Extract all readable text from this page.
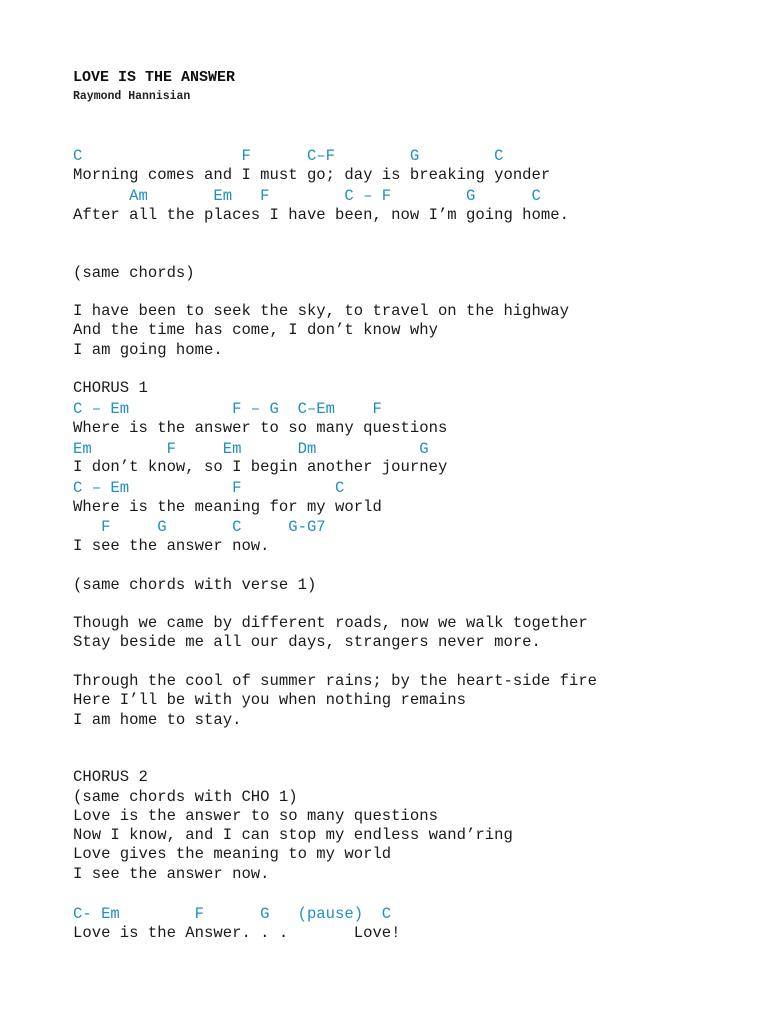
LOVE IS THE ANSWER
Raymond Hannisian
C                 F      C–F        G        C
Morning comes and I must go; day is breaking yonder
Am       Em   F        C – F        G      C
After all the places I have been, now I’m going home.
(same chords)
I have been to seek the sky, to travel on the highway
And the time has come, I don’t know why
I am going home.
CHORUS 1
C – Em           F – G  C–Em    F
Where is the answer to so many questions
Em        F     Em      Dm           G
I don’t know, so I begin another journey
C – Em           F          C
Where is the meaning for my world
F     G       C     G-G7
I see the answer now.
(same chords with verse 1)
Though we came by different roads, now we walk together
Stay beside me all our days, strangers never more.
Through the cool of summer rains; by the heart-side fire
Here I’ll be with you when nothing remains
I am home to stay.
CHORUS 2
(same chords with CHO 1)
Love is the answer to so many questions
Now I know, and I can stop my endless wand’ring
Love gives the meaning to my world
I see the answer now.
C- Em        F      G   (pause)  C
Love is the Answer. . .       Love!
